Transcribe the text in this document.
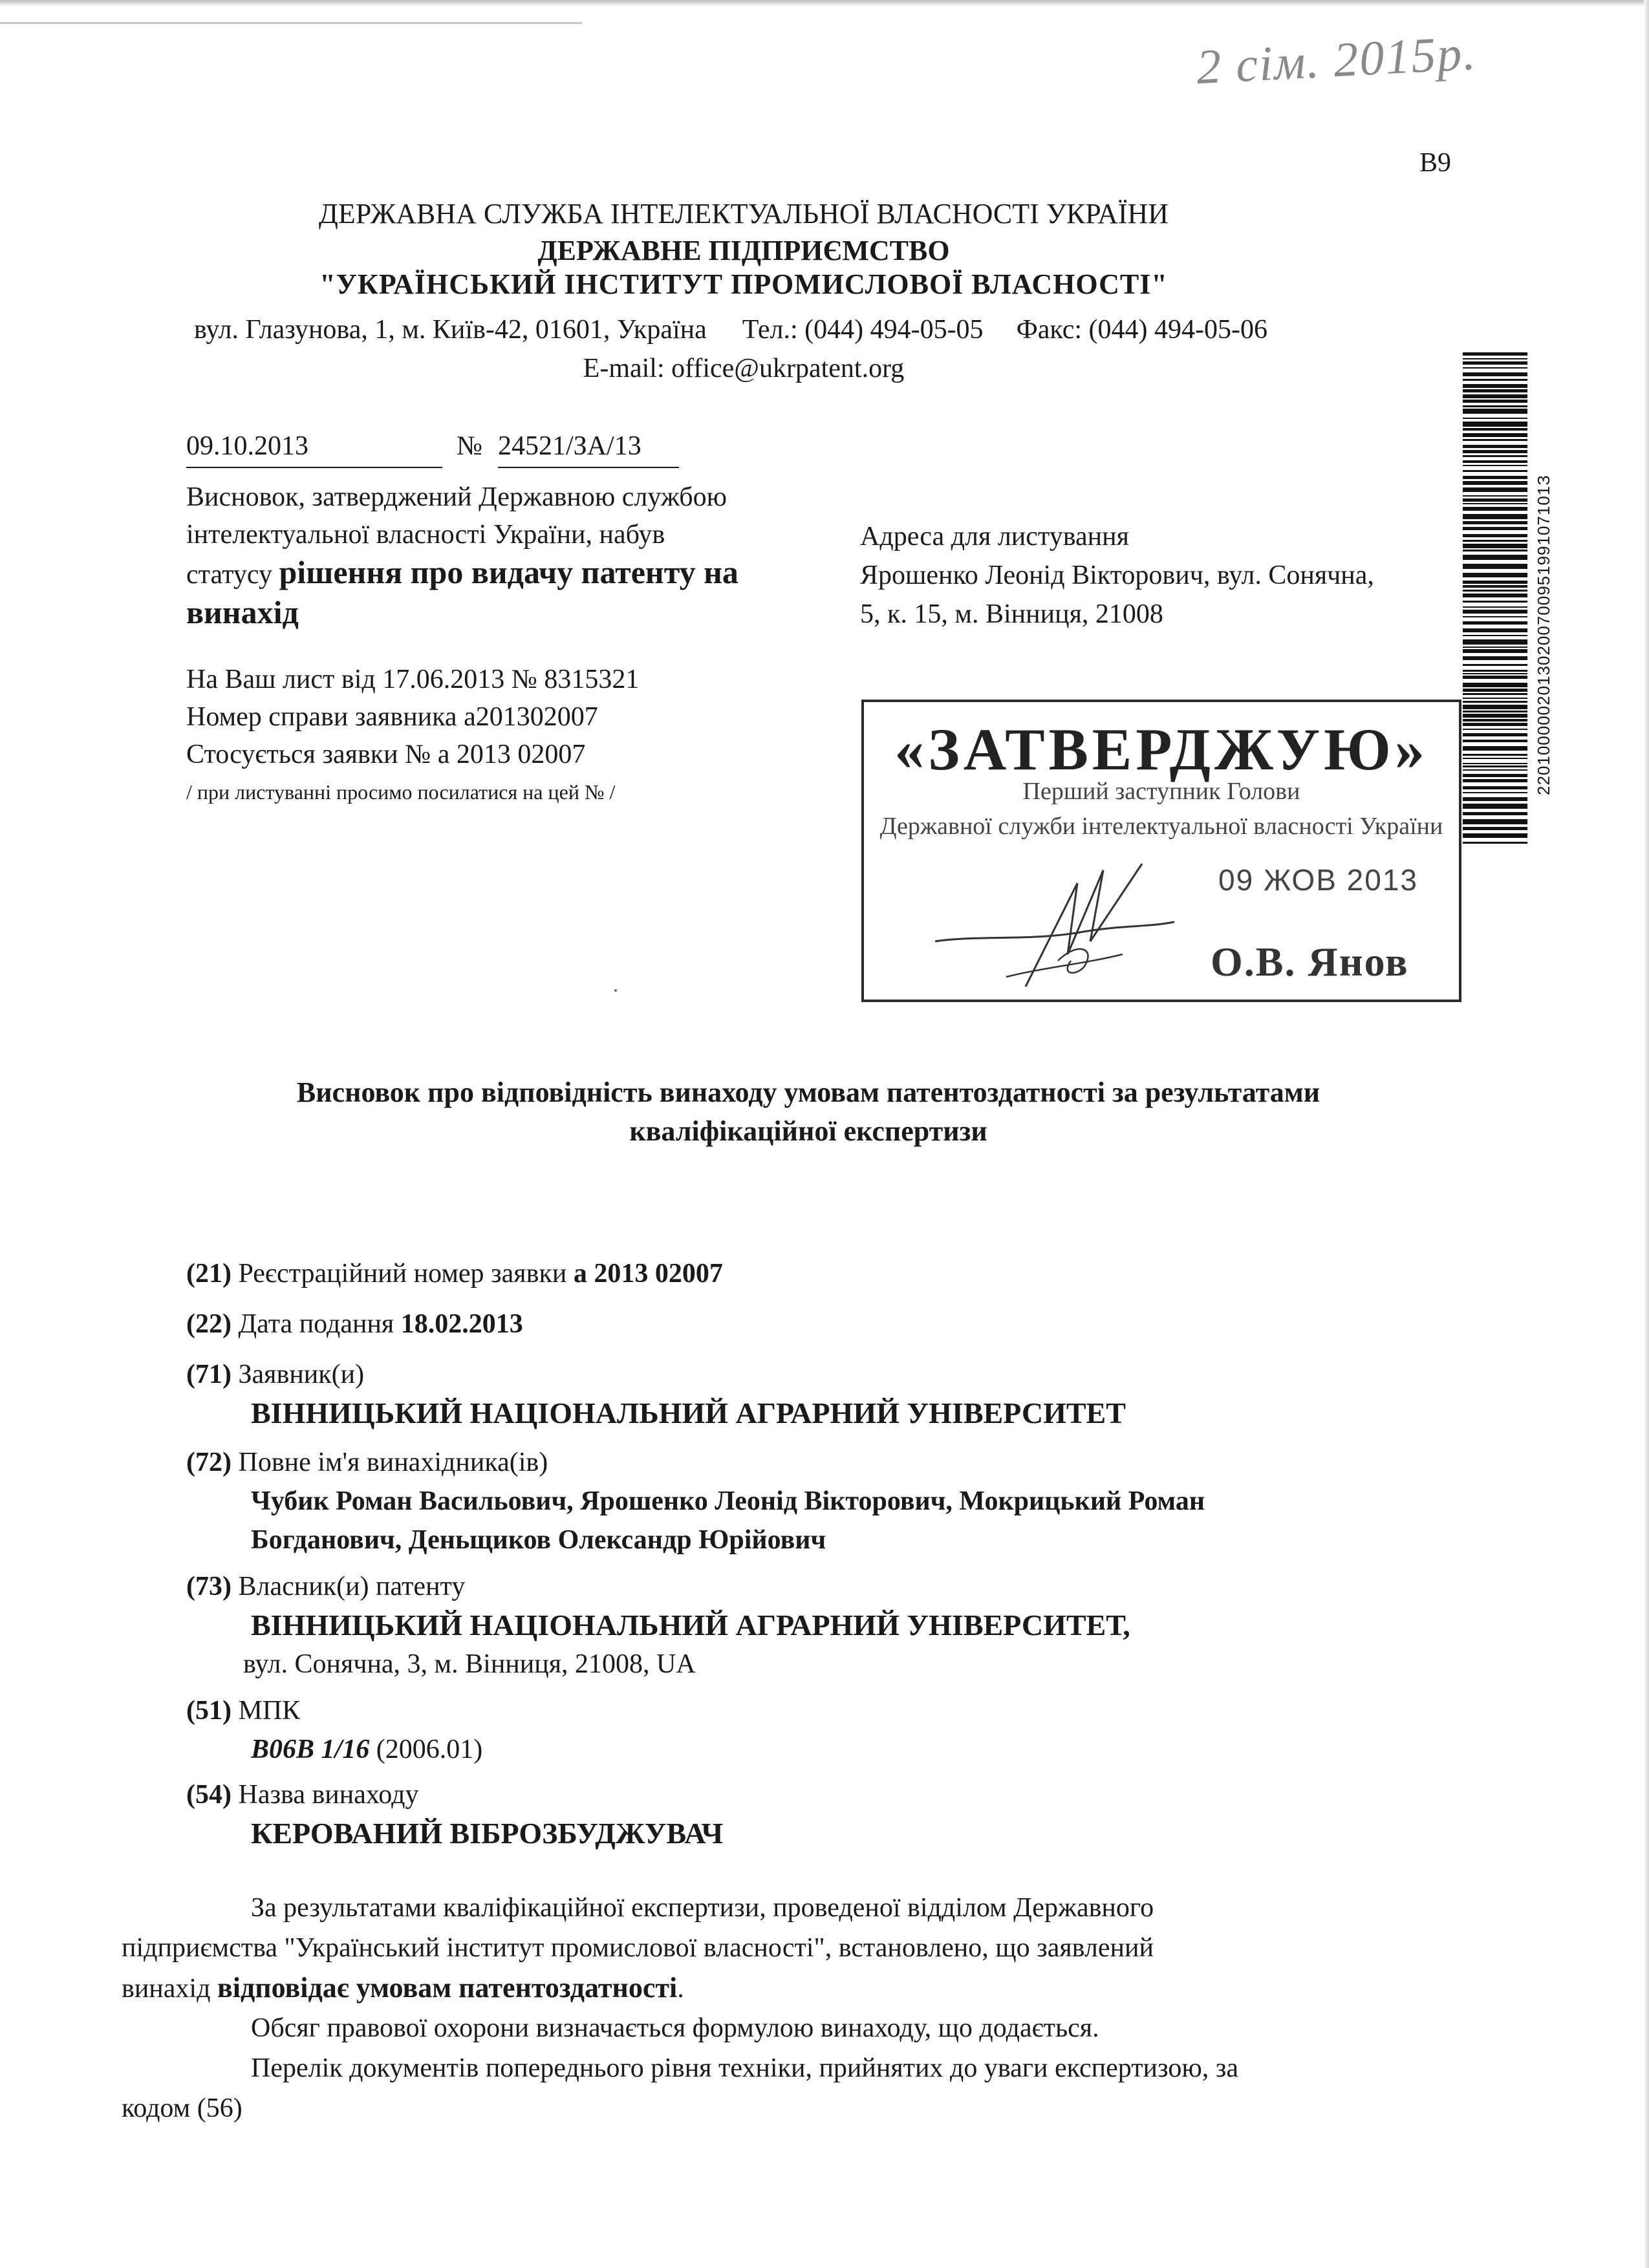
2 сім. 2015р.
B9
ДЕРЖАВНА СЛУЖБА ІНТЕЛЕКТУАЛЬНОЇ ВЛАСНОСТІ УКРАЇНИ
ДЕРЖАВНЕ ПІДПРИЄМСТВО
"УКРАЇНСЬКИЙ ІНСТИТУТ ПРОМИСЛОВОЇ ВЛАСНОСТІ"
вул. Глазунова, 1, м. Київ-42, 01601, Україна Тел.: (044) 494-05-05 Факс: (044) 494-05-06
E-mail: office@ukrpatent.org
09.10.2013	№ 24521/ЗА/13
Висновок, затверджений Державною службою
інтелектуальної власності України, набув
статусу рішення про видачу патенту на
винахід
Адреса для листування
Ярошенко Леонід Вікторович, вул. Сонячна,
5, к. 15, м. Вінниця, 21008
На Ваш лист від 17.06.2013 № 8315321
Номер справи заявника а201302007
Стосується заявки № а 2013 02007
/ при листуванні просимо посилатися на цей № /	2201000002013020070095199107101З
«ЗАТВЕРДЖУЮ»
Перший заступник Голови
Державної служби інтелектуальної власності України
09 ЖОВ 2013
О.В. Янов
Висновок про відповідність винаходу умовам патентоздатності за результатами
кваліфікаційної експертизи
(21) Реєстраційний номер заявки а 2013 02007
(22) Дата подання 18.02.2013
(71) Заявник(и)
ВІННИЦЬКИЙ НАЦІОНАЛЬНИЙ АГРАРНИЙ УНІВЕРСИТЕТ
(72) Повне ім'я винахідника(ів)
Чубик Роман Васильович, Ярошенко Леонід Вікторович, Мокрицький Роман
Богданович, Деньщиков Олександр Юрійович
(73) Власник(и) патенту
ВІННИЦЬКИЙ НАЦІОНАЛЬНИЙ АГРАРНИЙ УНІВЕРСИТЕТ,
вул. Сонячна, 3, м. Вінниця, 21008, UA
(51) МПК
B06B 1/16 (2006.01)
(54) Назва винаходу
КЕРОВАНИЙ ВІБРОЗБУДЖУВАЧ
За результатами кваліфікаційної експертизи, проведеної відділом Державного
підприємства "Український інститут промислової власності", встановлено, що заявлений
винахід відповідає умовам патентоздатності.
Обсяг правової охорони визначається формулою винаходу, що додається.
Перелік документів попереднього рівня техніки, прийнятих до уваги експертизою, за
кодом (56)
